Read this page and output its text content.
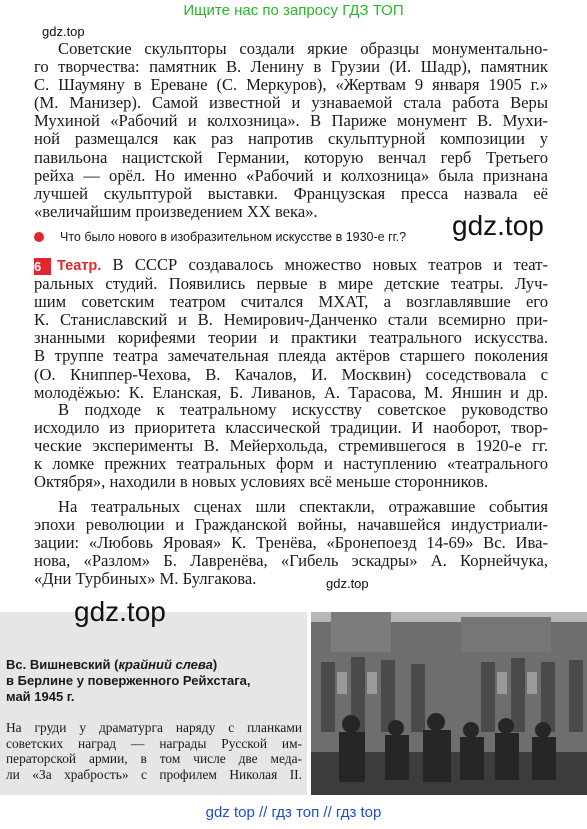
Ищите нас по запросу ГДЗ ТОП
gdz.top
Советские скульпторы создали яркие образцы монументально-
го творчества: памятник В. Ленину в Грузии (И. Шадр), памятник
С. Шаумяну в Ереване (С. Меркуров), «Жертвам 9 января 1905 г.»
(М. Манизер). Самой известной и узнаваемой стала работа Веры
Мухиной «Рабочий и колхозница». В Париже монумент В. Мухи-
ной размещался как раз напротив скульптурной композиции у
павильона нацистской Германии, которую венчал герб Третьего
рейха — орёл. Но именно «Рабочий и колхозница» была признана
лучшей скульптурой выставки. Французская пресса назвала её
«величайшим произведением XX века».
Что было нового в изобразительном искусстве в 1930-е гг.? gdz.top
6 Театр. В СССР создавалось множество новых театров и теат-
ральных студий. Появились первые в мире детские театры. Луч-
шим советским театром считался МХАТ, а возглавлявшие его
К. Станиславский и В. Немирович-Данченко стали всемирно при-
знанными корифеями теории и практики театрального искусства.
В труппе театра замечательная плеяда актёров старшего поколения
(О. Книппер-Чехова, В. Качалов, И. Москвин) соседствовала с
молодёжью: К. Еланская, Б. Ливанов, А. Тарасова, М. Яншин и др.
В подходе к театральному искусству советское руководство
исходило из приоритета классической традиции. И наоборот, твор-
ческие эксперименты В. Мейерхольда, стремившегося в 1920-е гг.
к ломке прежних театральных форм и наступлению «театрального
Октября», находили в новых условиях всё меньше сторонников.
На театральных сценах шли спектакли, отражавшие события
эпохи революции и Гражданской войны, начавшейся индустриали-
зации: «Любовь Яровая» К. Тренёва, «Бронепоезд 14-69» Вс. Ива-
нова, «Разлом» Б. Лавренёва, «Гибель эскадры» А. Корнейчука,
«Дни Турбиных» М. Булгакова.	gdz.top
Вс. Вишневский (крайний слева)
в Берлине у поверженного Рейхстага,
май 1945 г.
На груди у драматурга наряду с планками
советских наград — награды Русской им-
ператорской армии, в том числе две меда-
ли «За храбрость» с профилем Николая II.
gdz.top
gdz top // гдз топ // гдз top
